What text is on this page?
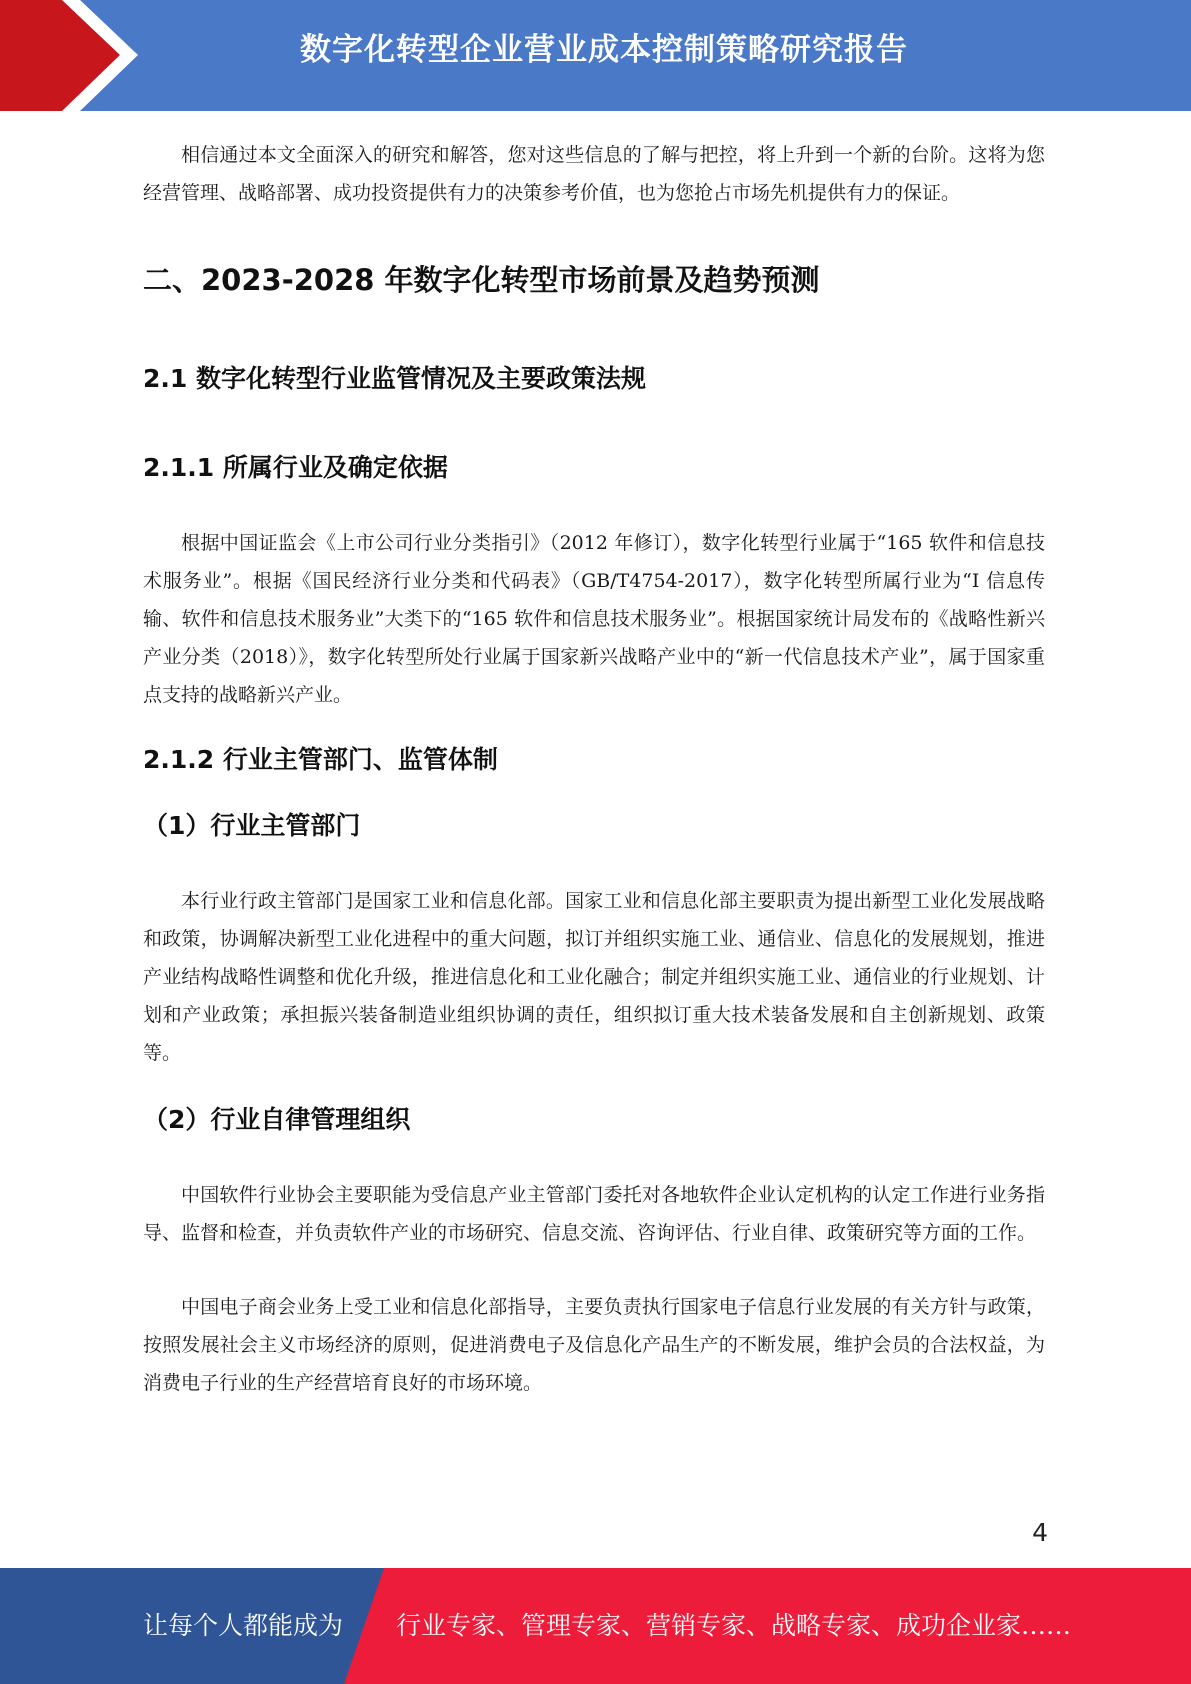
数字化转型企业营业成本控制策略研究报告

相信通过本文全面深入的研究和解答，您对这些信息的了解与把控，将上升到一个新的台阶。这将为您经营管理、战略部署、成功投资提供有力的决策参考价值，也为您抢占市场先机提供有力的保证。

二、2023-2028 年数字化转型市场前景及趋势预测
2.1 数字化转型行业监管情况及主要政策法规
2.1.1 所属行业及确定依据

根据中国证监会《上市公司行业分类指引》（2012 年修订），数字化转型行业属于“165 软件和信息技术服务业”。根据《国民经济行业分类和代码表》（GB/T4754-2017），数字化转型所属行业为“I 信息传输、软件和信息技术服务业”大类下的“165 软件和信息技术服务业”。根据国家统计局发布的《战略性新兴产业分类（2018）》，数字化转型所处行业属于国家新兴战略产业中的“新一代信息技术产业”，属于国家重点支持的战略新兴产业。

2.1.2 行业主管部门、监管体制
（1）行业主管部门

本行业行政主管部门是国家工业和信息化部。国家工业和信息化部主要职责为提出新型工业化发展战略和政策，协调解决新型工业化进程中的重大问题，拟订并组织实施工业、通信业、信息化的发展规划，推进产业结构战略性调整和优化升级，推进信息化和工业化融合；制定并组织实施工业、通信业的行业规划、计划和产业政策；承担振兴装备制造业组织协调的责任，组织拟订重大技术装备发展和自主创新规划、政策等。

（2）行业自律管理组织

中国软件行业协会主要职能为受信息产业主管部门委托对各地软件企业认定机构的认定工作进行业务指导、监督和检查，并负责软件产业的市场研究、信息交流、咨询评估、行业自律、政策研究等方面的工作。

中国电子商会业务上受工业和信息化部指导，主要负责执行国家电子信息行业发展的有关方针与政策，按照发展社会主义市场经济的原则，促进消费电子及信息化产品生产的不断发展，维护会员的合法权益，为消费电子行业的生产经营培育良好的市场环境。

4
让每个人都能成为 行业专家、管理专家、营销专家、战略专家、成功企业家……
